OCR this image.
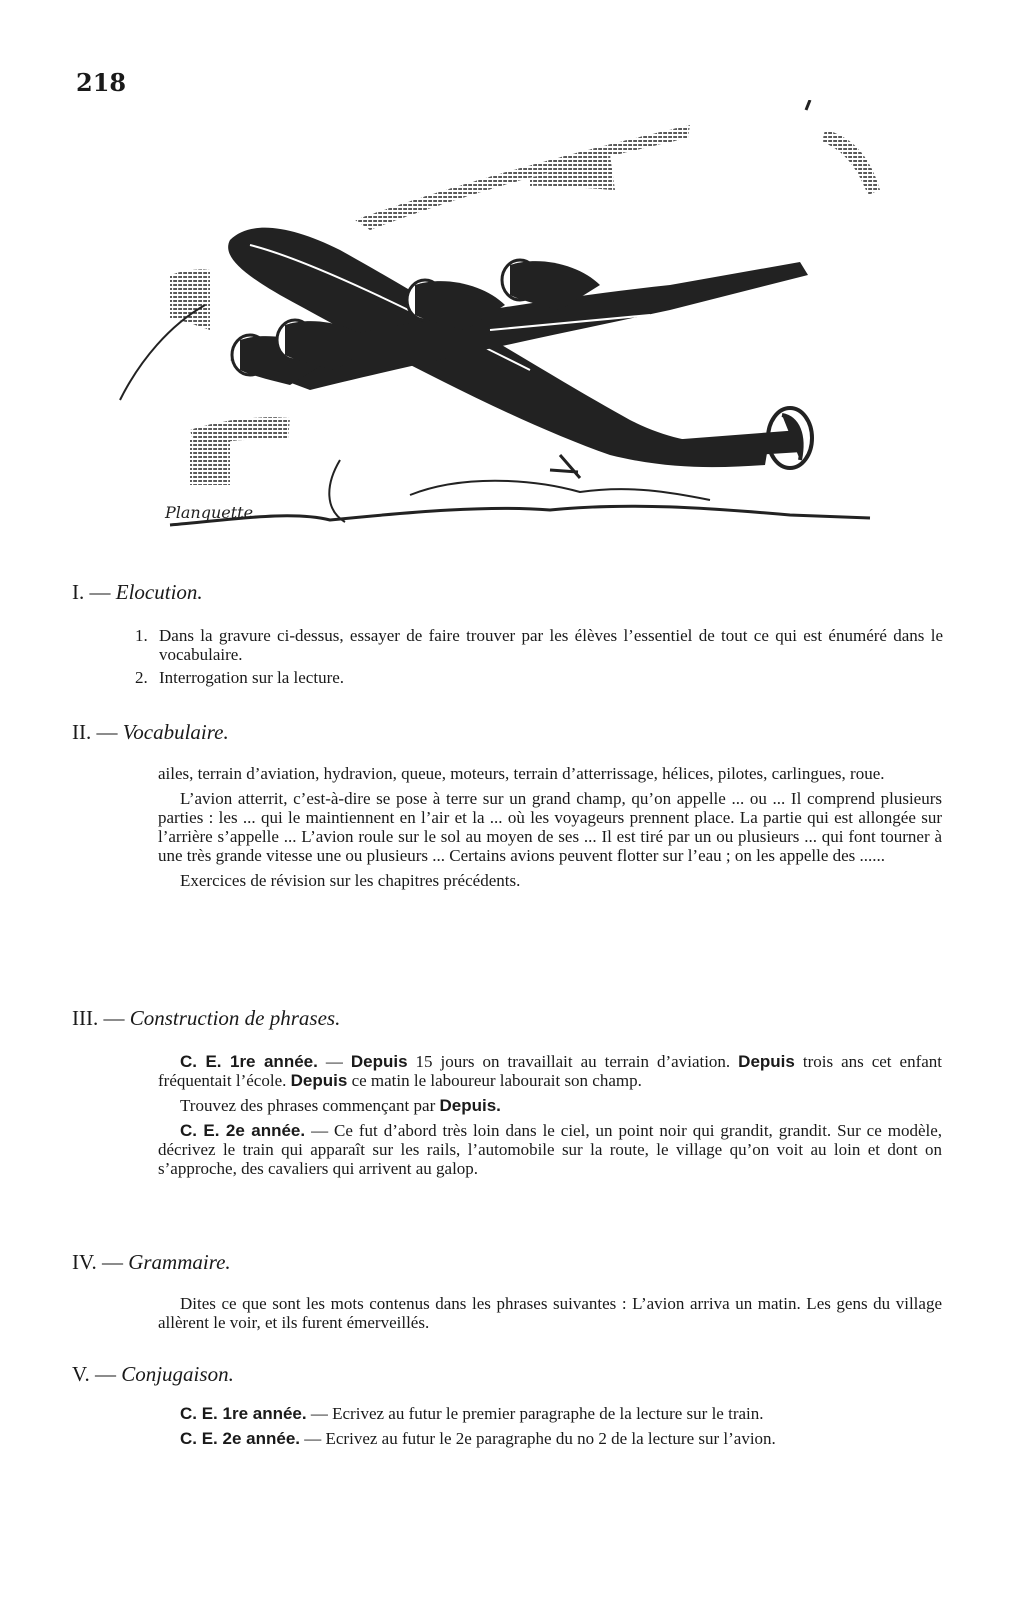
218
Planquette
I. — Elocution.
1. Dans la gravure ci-dessus, essayer de faire trouver par les élèves l’essentiel de tout ce qui est énuméré dans le vocabulaire.
2. Interrogation sur la lecture.
II. — Vocabulaire.

ailes, terrain d’aviation, hydravion, queue, moteurs, terrain d’atterrissage, hélices, pilotes, carlingues, roue.

L’avion atterrit, c’est-à-dire se pose à terre sur un grand champ, qu’on appelle ... ou ... Il comprend plusieurs parties : les ... qui le maintiennent en l’air et la ... où les voyageurs prennent place. La partie qui est allongée sur l’arrière s’appelle ... L’avion roule sur le sol au moyen de ses ... Il est tiré par un ou plusieurs ... qui font tourner à une très grande vitesse une ou plusieurs ... Certains avions peuvent flotter sur l’eau ; on les appelle des ......

Exercices de révision sur les chapitres précédents.

III. — Construction de phrases.

C. E. 1re année. — Depuis 15 jours on travaillait au terrain d’aviation. Depuis trois ans cet enfant fréquentait l’école. Depuis ce matin le laboureur labourait son champ.

Trouvez des phrases commençant par Depuis.

C. E. 2e année. — Ce fut d’abord très loin dans le ciel, un point noir qui grandit, grandit. Sur ce modèle, décrivez le train qui apparaît sur les rails, l’automobile sur la route, le village qu’on voit au loin et dont on s’approche, des cavaliers qui arrivent au galop.

IV. — Grammaire.

Dites ce que sont les mots contenus dans les phrases suivantes : L’avion arriva un matin. Les gens du village allèrent le voir, et ils furent émerveillés.

V. — Conjugaison.

C. E. 1re année. — Ecrivez au futur le premier paragraphe de la lecture sur le train.

C. E. 2e année. — Ecrivez au futur le 2e paragraphe du no 2 de la lecture sur l’avion.
